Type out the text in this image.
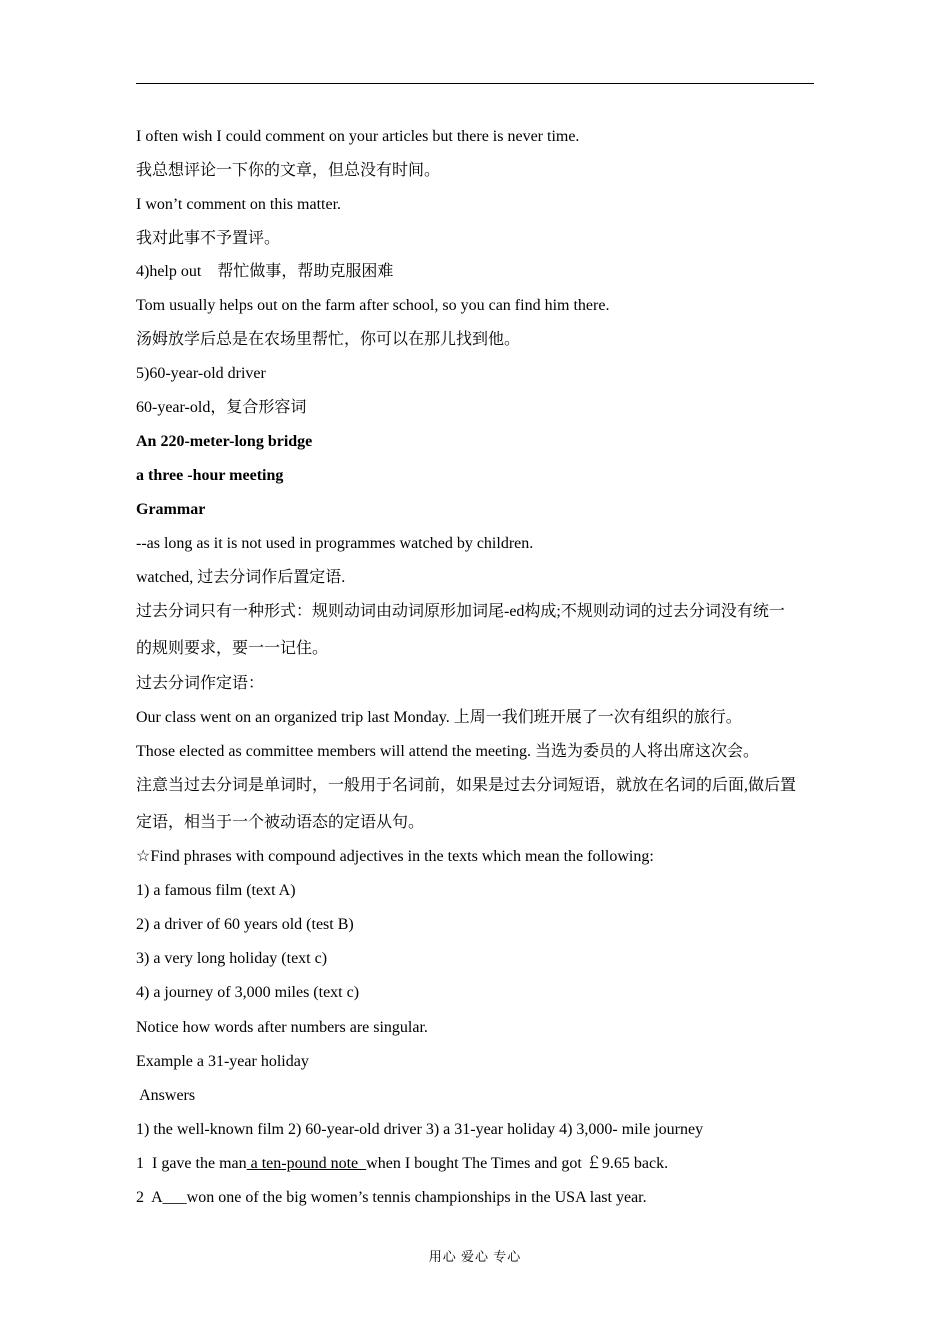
I often wish I could comment on your articles but there is never time.
我总想评论一下你的文章，但总没有时间。
I won’t comment on this matter.
我对此事不予置评。
4)help out　帮忙做事，帮助克服困难
Tom usually helps out on the farm after school, so you can find him there.
汤姆放学后总是在农场里帮忙，你可以在那儿找到他。
5)60-year-old driver
60-year-old，复合形容词
An 220-meter-long bridge
a three -hour meeting
Grammar
--as long as it is not used in programmes watched by children.
watched, 过去分词作后置定语.
过去分词只有一种形式：规则动词由动词原形加词尾-ed构成;不规则动词的过去分词没有统一
的规则要求，要一一记住。
过去分词作定语：
Our class went on an organized trip last Monday. 上周一我们班开展了一次有组织的旅行。
Those elected as committee members will attend the meeting. 当选为委员的人将出席这次会。
注意当过去分词是单词时，一般用于名词前，如果是过去分词短语，就放在名词的后面,做后置
定语，相当于一个被动语态的定语从句。
☆Find phrases with compound adjectives in the texts which mean the following:
1) a famous film (text A)
2) a driver of 60 years old (test B)
3) a very long holiday (text c)
4) a journey of 3,000 miles (text c)
Notice how words after numbers are singular.
Example a 31-year holiday
Answers
1) the well-known film 2) 60-year-old driver 3) a 31-year holiday 4) 3,000- mile journey
1  I gave the man a ten-pound note  when I bought The Times and got ￡9.65 back.
2  A___won one of the big women’s tennis championships in the USA last year.
用心 爱心 专心
